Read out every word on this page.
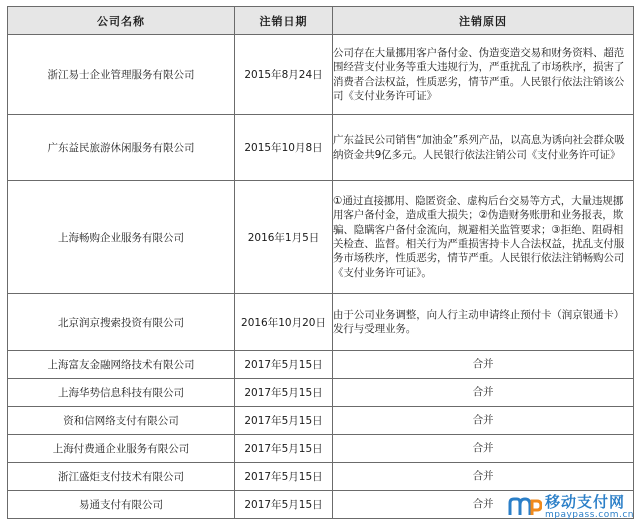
公司名称	注销日期	注销原因
浙江易士企业管理服务有限公司	2015年8月24日	公司存在大量挪用客户备付金、伪造变造交易和财务资料、超范围经营支付业务等重大违规行为，严重扰乱了市场秩序，损害了消费者合法权益，性质恶劣，情节严重。人民银行依法注销该公司《支付业务许可证》
广东益民旅游休闲服务有限公司	2015年10月8日	广东益民公司销售“加油金”系列产品，以高息为诱向社会群众吸纳资金共9亿多元。人民银行依法注销公司《支付业务许可证》
上海畅购企业服务有限公司	2016年1月5日	①通过直接挪用、隐匿资金、虚构后台交易等方式，大量违规挪用客户备付金，造成重大损失；②伪造财务账册和业务报表，欺骗、隐瞒客户备付金流向，规避相关监管要求；③拒绝、阻碍相关检查、监督。相关行为严重损害持卡人合法权益，扰乱支付服务市场秩序，性质恶劣，情节严重。人民银行依法注销畅购公司《支付业务许可证》。
北京润京搜索投资有限公司	2016年10月20日	由于公司业务调整，向人行主动申请终止预付卡（润京银通卡）发行与受理业务。
上海富友金融网络技术有限公司	2017年5月15日	合并
上海华势信息科技有限公司	2017年5月15日	合并
资和信网络支付有限公司	2017年5月15日	合并
上海付费通企业服务有限公司	2017年5月15日	合并
浙江盛炬支付技术有限公司	2017年5月15日	合并
易通支付有限公司	2017年5月15日	合并	移动支付网
mpaypass.com.cn
